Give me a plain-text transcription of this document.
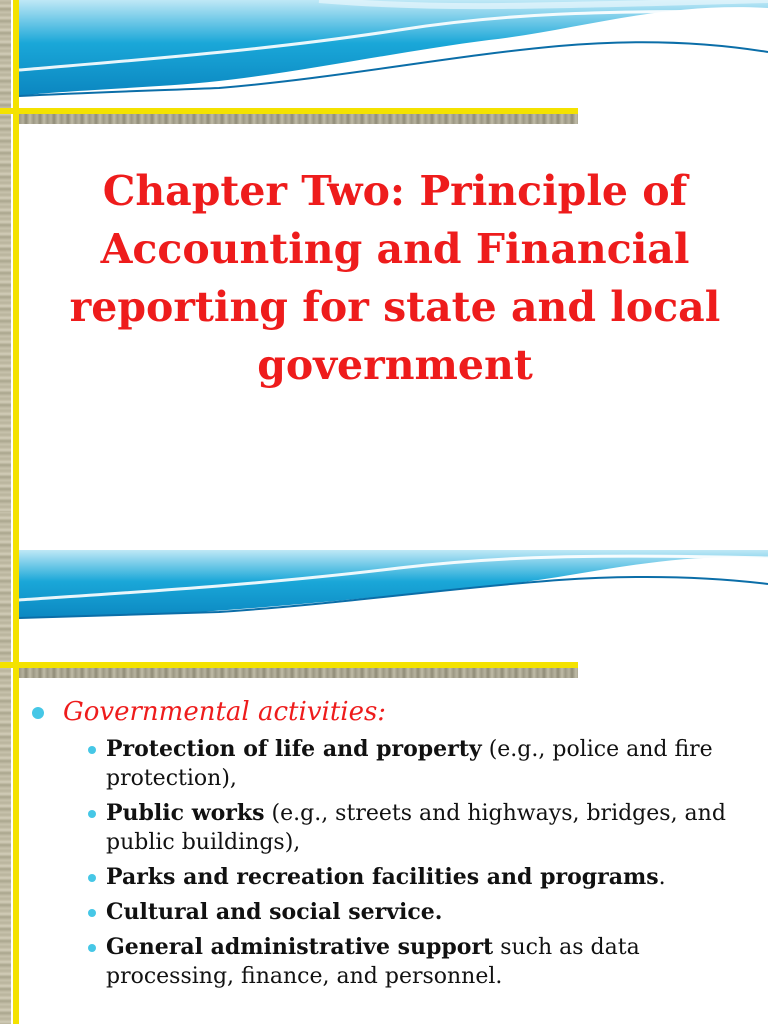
Chapter Two: Principle of
Accounting and Financial
reporting for state and local
government

Governmental activities:

Protection of life and property (e.g., police and fire protection),

Public works (e.g., streets and highways, bridges, and public buildings),

Parks and recreation facilities and programs.

Cultural and social service.

General administrative support such as data processing, finance, and personnel.
